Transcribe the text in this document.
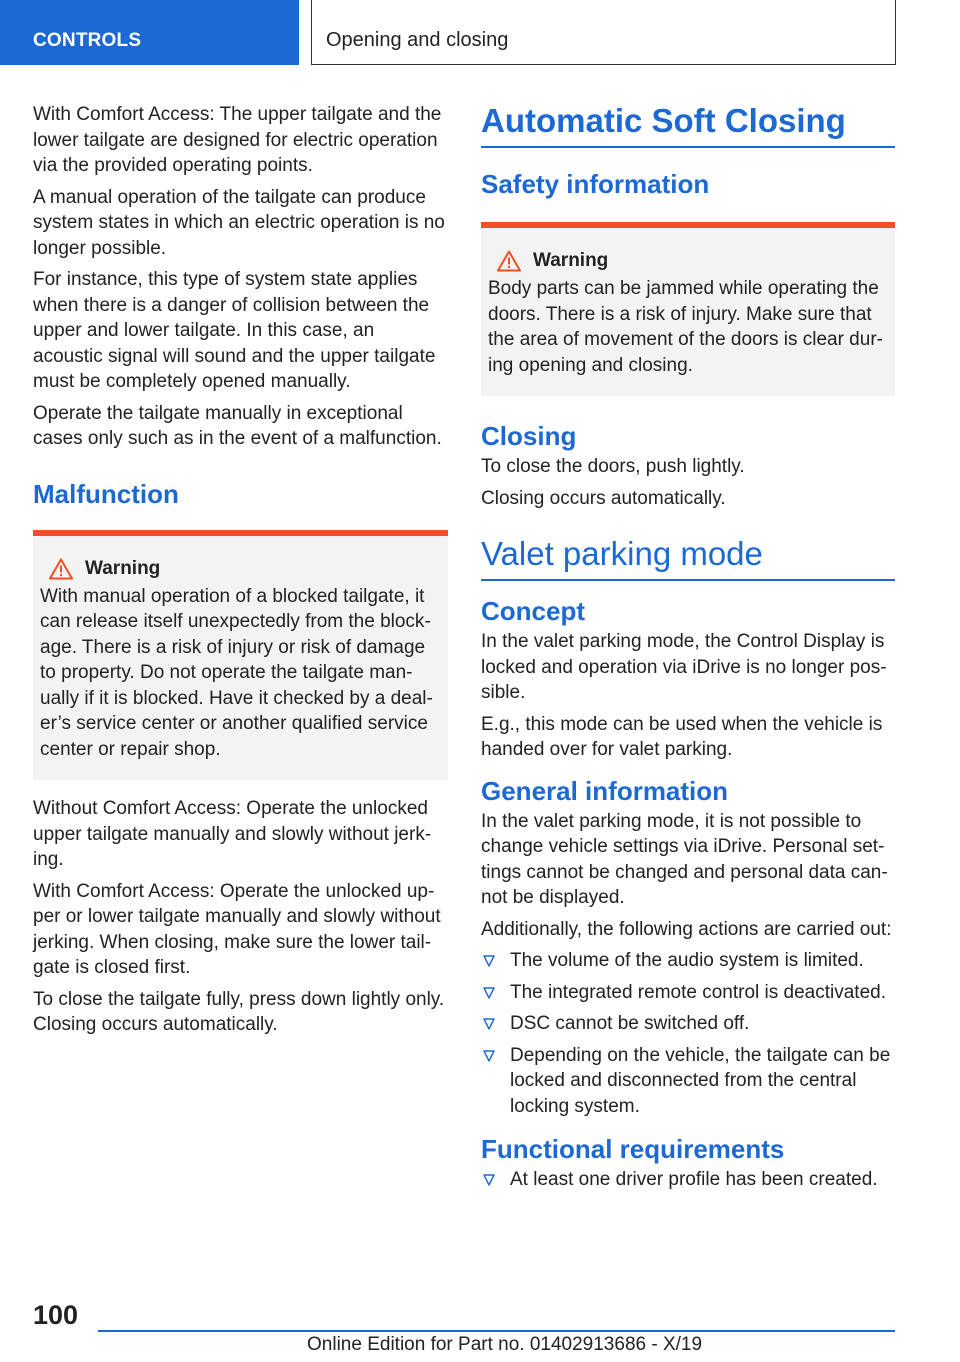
CONTROLS	Opening and closing

With Comfort Access: The upper tailgate and the lower tailgate are designed for electric operation via the provided operating points.

A manual operation of the tailgate can produce system states in which an electric operation is no longer possible.

For instance, this type of system state applies when there is a danger of collision between the upper and lower tailgate. In this case, an acoustic signal will sound and the upper tailgate must be completely opened manually.

Operate the tailgate manually in exceptional cases only such as in the event of a malfunction.

Malfunction
Warning

With manual operation of a blocked tailgate, it can release itself unexpectedly from the blockage. There is a risk of injury or risk of damage to property. Do not operate the tailgate manually if it is blocked. Have it checked by a dealer’s service center or another qualified service center or repair shop.

Without Comfort Access: Operate the unlocked upper tailgate manually and slowly without jerking.

With Comfort Access: Operate the unlocked upper or lower tailgate manually and slowly without jerking. When closing, make sure the lower tailgate is closed first.

To close the tailgate fully, press down lightly only. Closing occurs automatically.

Automatic Soft Closing
Safety information
Warning

Body parts can be jammed while operating the doors. There is a risk of injury. Make sure that the area of movement of the doors is clear during opening and closing.

Closing

To close the doors, push lightly.

Closing occurs automatically.

Valet parking mode
Concept

In the valet parking mode, the Control Display is locked and operation via iDrive is no longer possible.

E.g., this mode can be used when the vehicle is handed over for valet parking.

General information

In the valet parking mode, it is not possible to change vehicle settings via iDrive. Personal settings cannot be changed and personal data cannot be displayed.

Additionally, the following actions are carried out:

The volume of the audio system is limited.
The integrated remote control is deactivated.
DSC cannot be switched off.
Depending on the vehicle, the tailgate can be locked and disconnected from the central locking system.
Functional requirements
At least one driver profile has been created.
100
Online Edition for Part no. 01402913686 - X/19
